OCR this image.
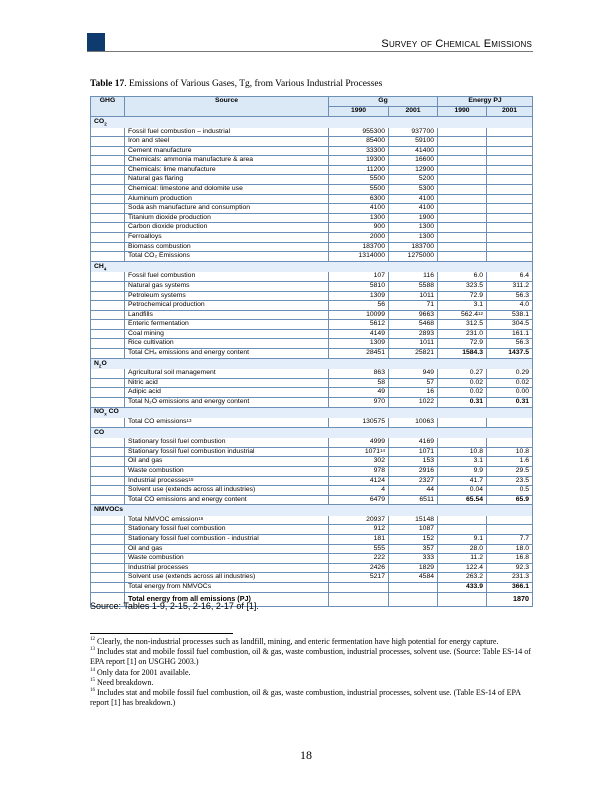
Survey of Chemical Emissions
Table 17. Emissions of Various Gases, Tg, from Various Industrial Processes
GHG	Source	Gg		Energy PJ	
		1990	2001	1990	2001
$CO_2$
	Fossil fuel combustion – industrial	955300	937700		
	Iron and steel	85400	59100		
	Cement manufacture	33300	41400		
	Chemicals: ammonia manufacture & area	19300	16600		
	Chemicals: lime manufacture	11200	12900		
	Natural gas flaring	5500	5200		
	Chemical: limestone and dolomite use	5500	5300		
	Aluminum production	6300	4100		
	Soda ash manufacture and consumption	4100	4100		
	Titanium dioxide production	1300	1900		
	Carbon dioxide production	900	1300		
	Ferroalloys	2000	1300		
	Biomass combustion	183700	183700		
	Total CO₂ Emissions	1314000	1275000		
$CH_4$
	Fossil fuel combustion	107	116	6.0	6.4
	Natural gas systems	5810	5588	323.5	311.2
	Petroleum systems	1309	1011	72.9	56.3
	Petrochemical production	56	71	3.1	4.0
	Landfills	10099	9663	562.4$^{12}$	538.1
	Enteric fermentation	5612	5468	312.5	304.5
	Coal mining	4149	2893	231.0	161.1
	Rice cultivation	1309	1011	72.9	56.3
	Total CH₄ emissions and energy content	28451	25821	1584.3	1437.5
$N_2O$					
	Agricultural soil management	863	949	0.27	0.29
	Nitric acid	58	57	0.02	0.02
	Adipic acid	49	16	0.02	0.00
	Total N₂O emissions and energy content	970	1022	0.31	0.31
$NO_x$ CO					
	Total CO emissions$^{13}$	130575	10063		
CO					
	Stationary fossil fuel combustion	4999	4169		
	Stationary fossil fuel combustion industrial	1071$^{14}$	1071	10.8	10.8
	Oil and gas	302	153	3.1	1.6
	Waste combustion	978	2916	9.9	29.5
	Industrial processes$^{15}$	4124	2327	41.7	23.5
	Solvent use (extends across all industries)	4	44	0.04	0.5
	Total CO emissions and energy content	6479	6511	65.54	65.9
NMVOCs					
	Total NMVOC emission$^{16}$	20937	15148		
	Stationary fossil fuel combustion	912	1087		
	Stationary fossil fuel combustion - industrial	181	152	9.1	7.7
	Oil and gas	555	357	28.0	18.0
	Waste combustion	222	333	11.2	16.8
	Industrial processes	2426	1829	122.4	92.3
	Solvent use (extends across all industries)	5217	4584	263.2	231.3
	Total energy from NMVOCs			433.9	366.1
	Total energy from all emissions (PJ)				1870
Source: Tables 1-9, 2-15, 2-16, 2-17 of [1].
$^{12}$ Clearly, the non-industrial processes such as landfill, mining, and enteric fermentation have high potential for energy capture.
$^{13}$ Includes stat and mobile fossil fuel combustion, oil & gas, waste combustion, industrial processes, solvent use. (Source: Table ES-14 of EPA report [1] on USGHG 2003.)
$^{14}$ Only data for 2001 available.
$^{15}$ Need breakdown.
$^{16}$ Includes stat and mobile fossil fuel combustion, oil & gas, waste combustion, industrial processes, solvent use. (Table ES-14 of EPA report [1] has breakdown.)
18
